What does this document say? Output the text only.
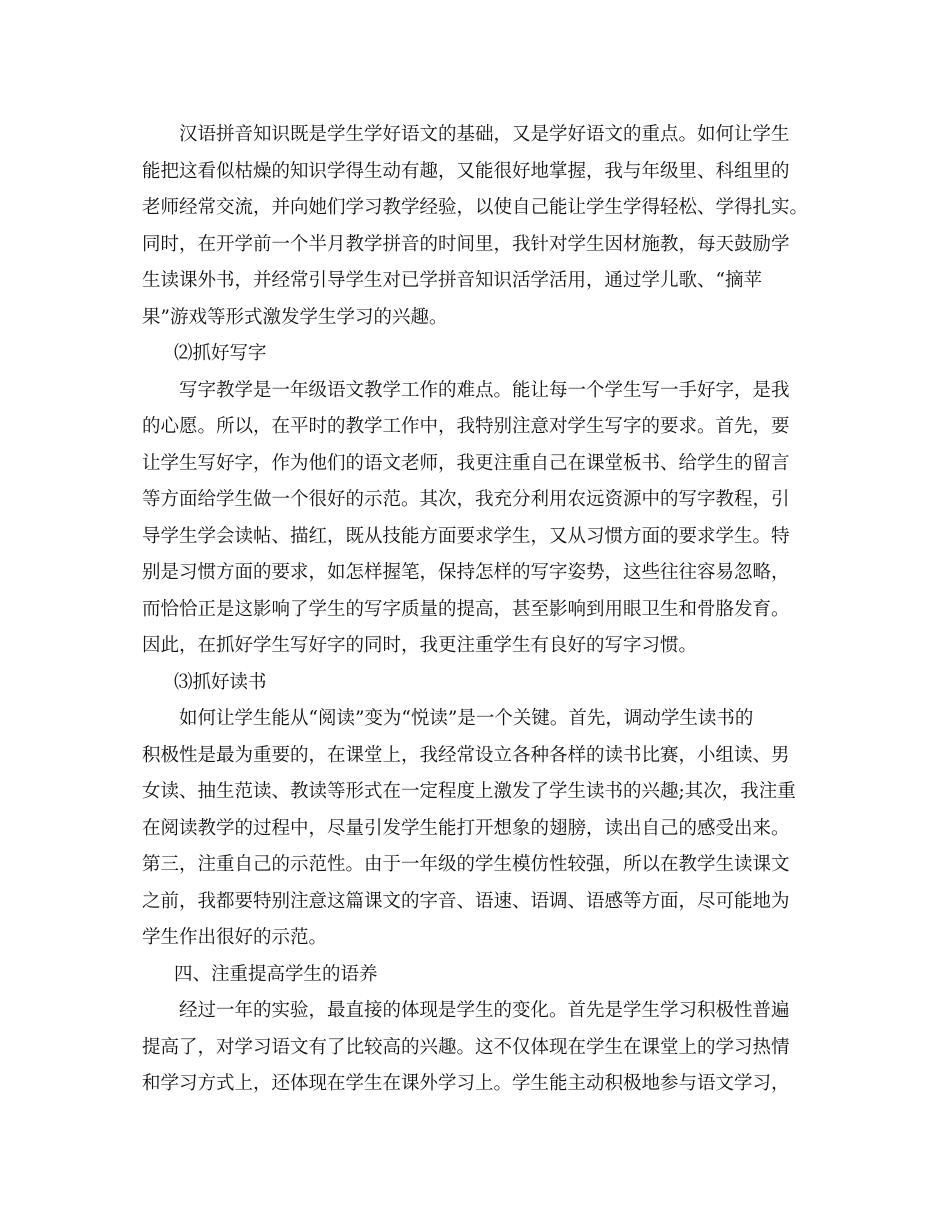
汉语拼音知识既是学生学好语文的基础，又是学好语文的重点。如何让学生
能把这看似枯燥的知识学得生动有趣，又能很好地掌握，我与年级里、科组里的
老师经常交流，并向她们学习教学经验，以使自己能让学生学得轻松、学得扎实。
同时，在开学前一个半月教学拼音的时间里，我针对学生因材施教，每天鼓励学
生读课外书，并经常引导学生对已学拼音知识活学活用，通过学儿歌、“摘苹
果”游戏等形式激发学生学习的兴趣。
⑵抓好写字
写字教学是一年级语文教学工作的难点。能让每一个学生写一手好字，是我
的心愿。所以，在平时的教学工作中，我特别注意对学生写字的要求。首先，要
让学生写好字，作为他们的语文老师，我更注重自己在课堂板书、给学生的留言
等方面给学生做一个很好的示范。其次，我充分利用农远资源中的写字教程，引
导学生学会读帖、描红，既从技能方面要求学生，又从习惯方面的要求学生。特
别是习惯方面的要求，如怎样握笔，保持怎样的写字姿势，这些往往容易忽略，
而恰恰正是这影响了学生的写字质量的提高，甚至影响到用眼卫生和骨胳发育。
因此，在抓好学生写好字的同时，我更注重学生有良好的写字习惯。
⑶抓好读书
如何让学生能从“阅读”变为“悦读”是一个关键。首先，调动学生读书的
积极性是最为重要的，在课堂上，我经常设立各种各样的读书比赛，小组读、男
女读、抽生范读、教读等形式在一定程度上激发了学生读书的兴趣;其次，我注重
在阅读教学的过程中，尽量引发学生能打开想象的翅膀，读出自己的感受出来。
第三，注重自己的示范性。由于一年级的学生模仿性较强，所以在教学生读课文
之前，我都要特别注意这篇课文的字音、语速、语调、语感等方面，尽可能地为
学生作出很好的示范。
四、注重提高学生的语养
经过一年的实验，最直接的体现是学生的变化。首先是学生学习积极性普遍
提高了，对学习语文有了比较高的兴趣。这不仅体现在学生在课堂上的学习热情
和学习方式上，还体现在学生在课外学习上。学生能主动积极地参与语文学习，
